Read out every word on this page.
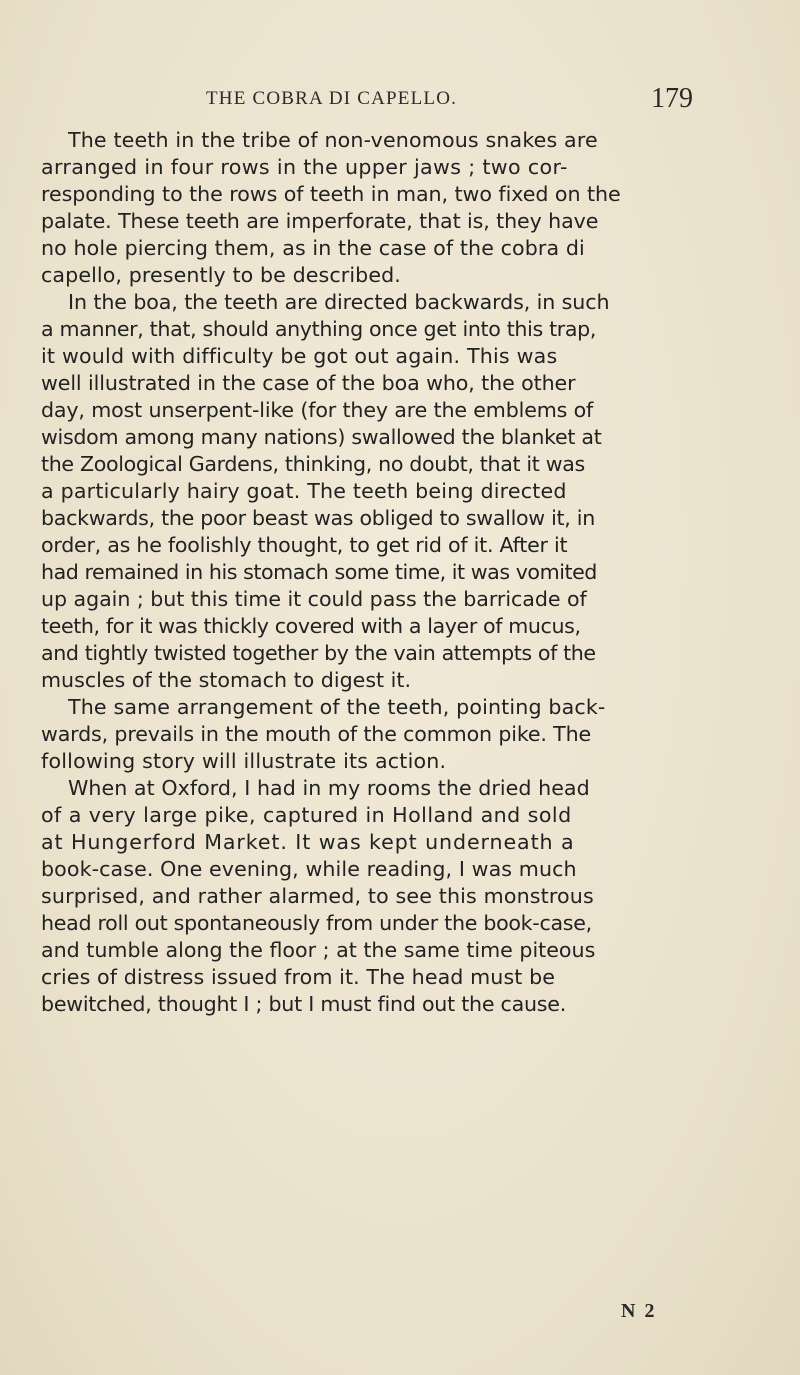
THE COBRA DI CAPELLO.	179
The teeth in the tribe of non-venomous snakes are
arranged in four rows in the upper jaws ; two cor-
responding to the rows of teeth in man, two fixed on the
palate. These teeth are imperforate, that is, they have
no hole piercing them, as in the case of the cobra di
capello, presently to be described.
In the boa, the teeth are directed backwards, in such
a manner, that, should anything once get into this trap,
it would with difficulty be got out again. This was
well illustrated in the case of the boa who, the other
day, most unserpent-like (for they are the emblems of
wisdom among many nations) swallowed the blanket at
the Zoological Gardens, thinking, no doubt, that it was
a particularly hairy goat. The teeth being directed
backwards, the poor beast was obliged to swallow it, in
order, as he foolishly thought, to get rid of it. After it
had remained in his stomach some time, it was vomited
up again ; but this time it could pass the barricade of
teeth, for it was thickly covered with a layer of mucus,
and tightly twisted together by the vain attempts of the
muscles of the stomach to digest it.
The same arrangement of the teeth, pointing back-
wards, prevails in the mouth of the common pike. The
following story will illustrate its action.
When at Oxford, I had in my rooms the dried head
of a very large pike, captured in Holland and sold
at Hungerford Market. It was kept underneath a
book-case. One evening, while reading, I was much
surprised, and rather alarmed, to see this monstrous
head roll out spontaneously from under the book-case,
and tumble along the floor ; at the same time piteous
cries of distress issued from it. The head must be
bewitched, thought I ; but I must find out the cause.
N 2
